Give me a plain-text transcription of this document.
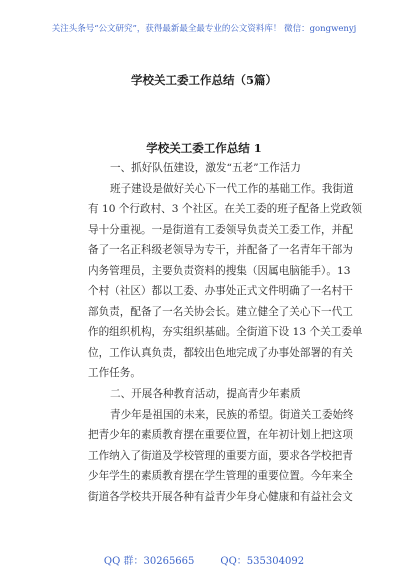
关注头条号“公文研究”，获得最新最全最专业的公文资料库！ 微信：gongwenyj
学校关工委工作总结（5篇）
学校关工委工作总结 1
一、抓好队伍建设，激发“五老”工作活力
班子建设是做好关心下一代工作的基础工作。我街道
有 10 个行政村、3 个社区。在关工委的班子配备上党政领
导十分重视。一是街道有工委领导负责关工委工作，并配
备了一名正科级老领导为专干，并配备了一名青年干部为
内务管理员，主要负责资料的搜集（因属电脑能手）。13
个村（社区）都以工委、办事处正式文件明确了一名村干
部负责，配备了一名关协会长。建立健全了关心下一代工
作的组织机构，夯实组织基础。全街道下设 13 个关工委单
位，工作认真负责，都较出色地完成了办事处部署的有关
工作任务。
二、开展各种教育活动，提高青少年素质
青少年是祖国的未来，民族的希望。街道关工委始终
把青少年的素质教育摆在重要位置，在年初计划上把这项
工作纳入了街道及学校管理的重要方面，要求各学校把青
少年学生的素质教育摆在学生管理的重要位置。今年来全
街道各学校共开展各种有益青少年身心健康和有益社会文
QQ 群：30265665	QQ：535304092
